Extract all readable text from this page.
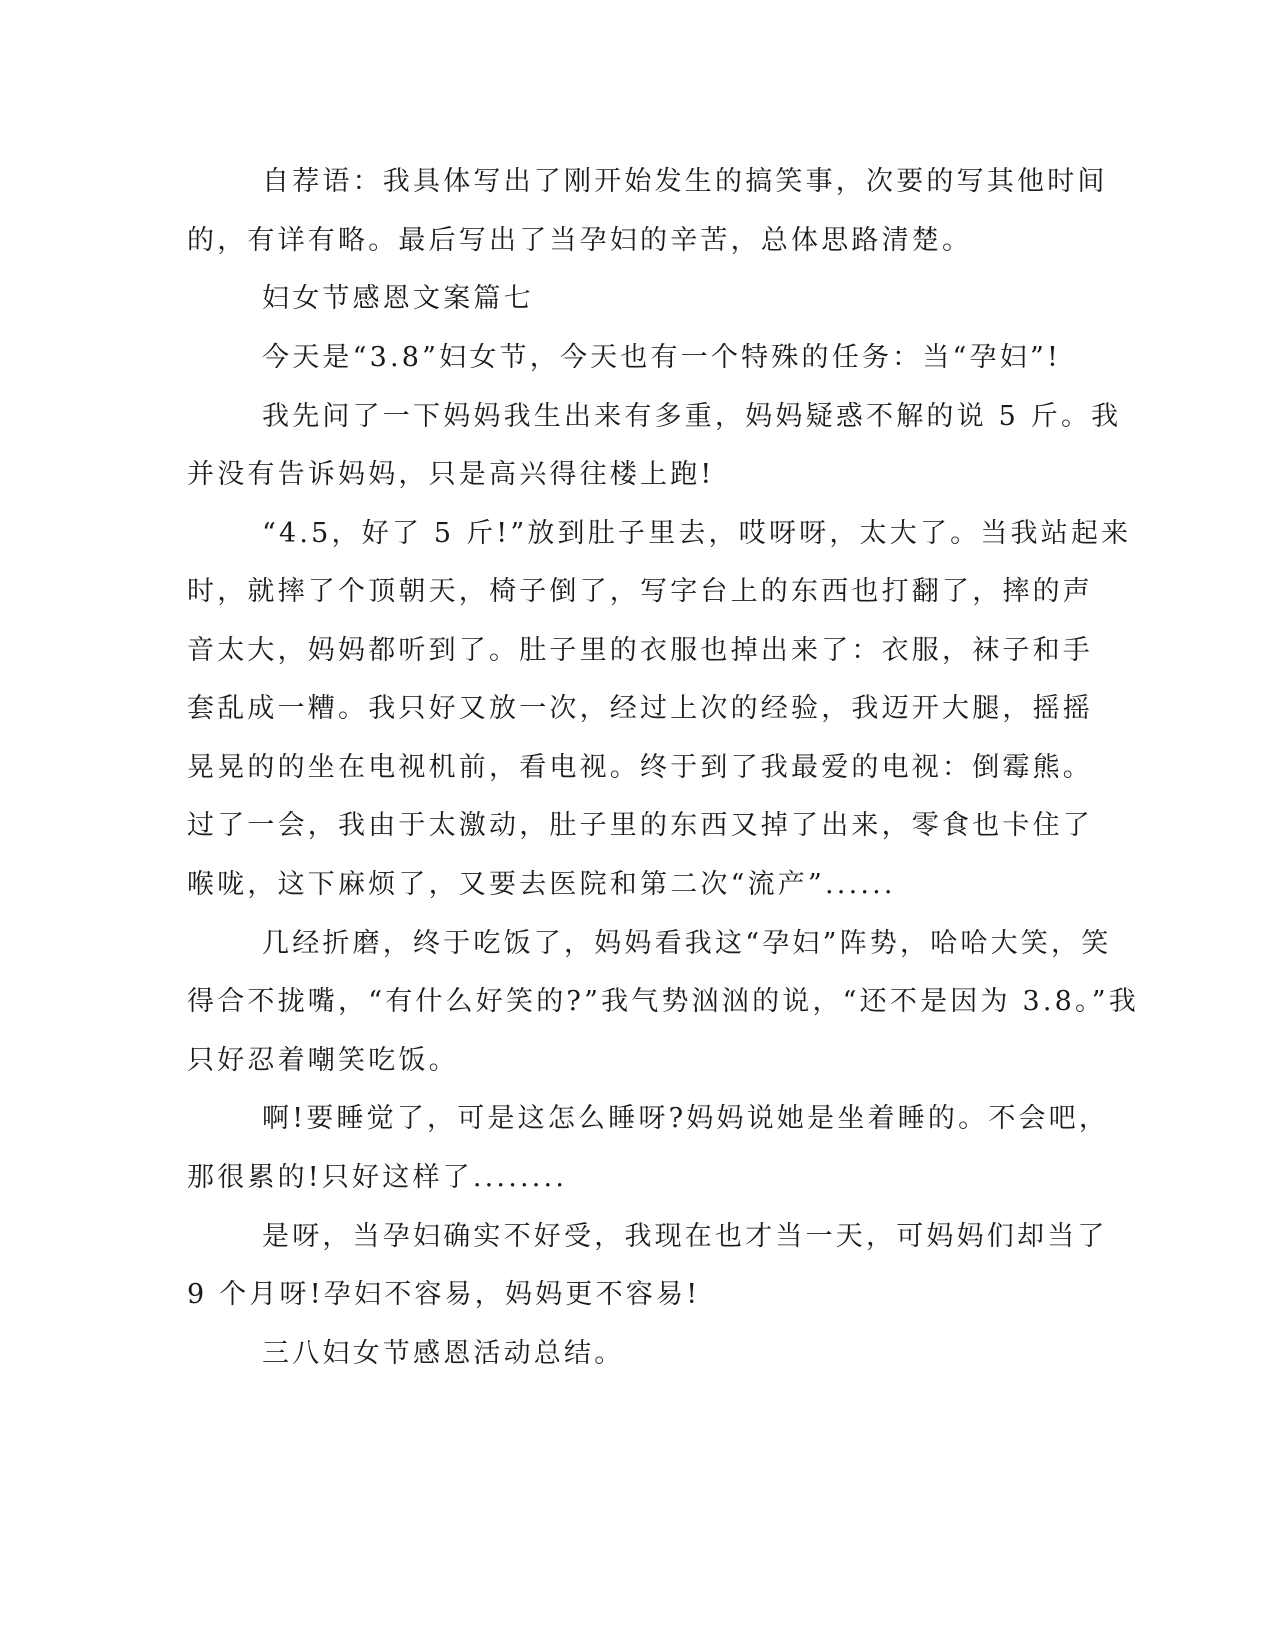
自荐语：我具体写出了刚开始发生的搞笑事，次要的写其他时间
的，有详有略。最后写出了当孕妇的辛苦，总体思路清楚。
妇女节感恩文案篇七
今天是“3.8”妇女节，今天也有一个特殊的任务：当“孕妇”!
我先问了一下妈妈我生出来有多重，妈妈疑惑不解的说 5 斤。我
并没有告诉妈妈，只是高兴得往楼上跑!
“4.5，好了 5 斤!”放到肚子里去，哎呀呀，太大了。当我站起来
时，就摔了个顶朝天，椅子倒了，写字台上的东西也打翻了，摔的声
音太大，妈妈都听到了。肚子里的衣服也掉出来了：衣服，袜子和手
套乱成一糟。我只好又放一次，经过上次的经验，我迈开大腿，摇摇
晃晃的的坐在电视机前，看电视。终于到了我最爱的电视：倒霉熊。
过了一会，我由于太激动，肚子里的东西又掉了出来，零食也卡住了
喉咙，这下麻烦了，又要去医院和第二次“流产”......
几经折磨，终于吃饭了，妈妈看我这“孕妇”阵势，哈哈大笑，笑
得合不拢嘴，“有什么好笑的?”我气势汹汹的说，“还不是因为 3.8。”我
只好忍着嘲笑吃饭。
啊!要睡觉了，可是这怎么睡呀?妈妈说她是坐着睡的。不会吧，
那很累的!只好这样了........
是呀，当孕妇确实不好受，我现在也才当一天，可妈妈们却当了
9 个月呀!孕妇不容易，妈妈更不容易!
三八妇女节感恩活动总结。
